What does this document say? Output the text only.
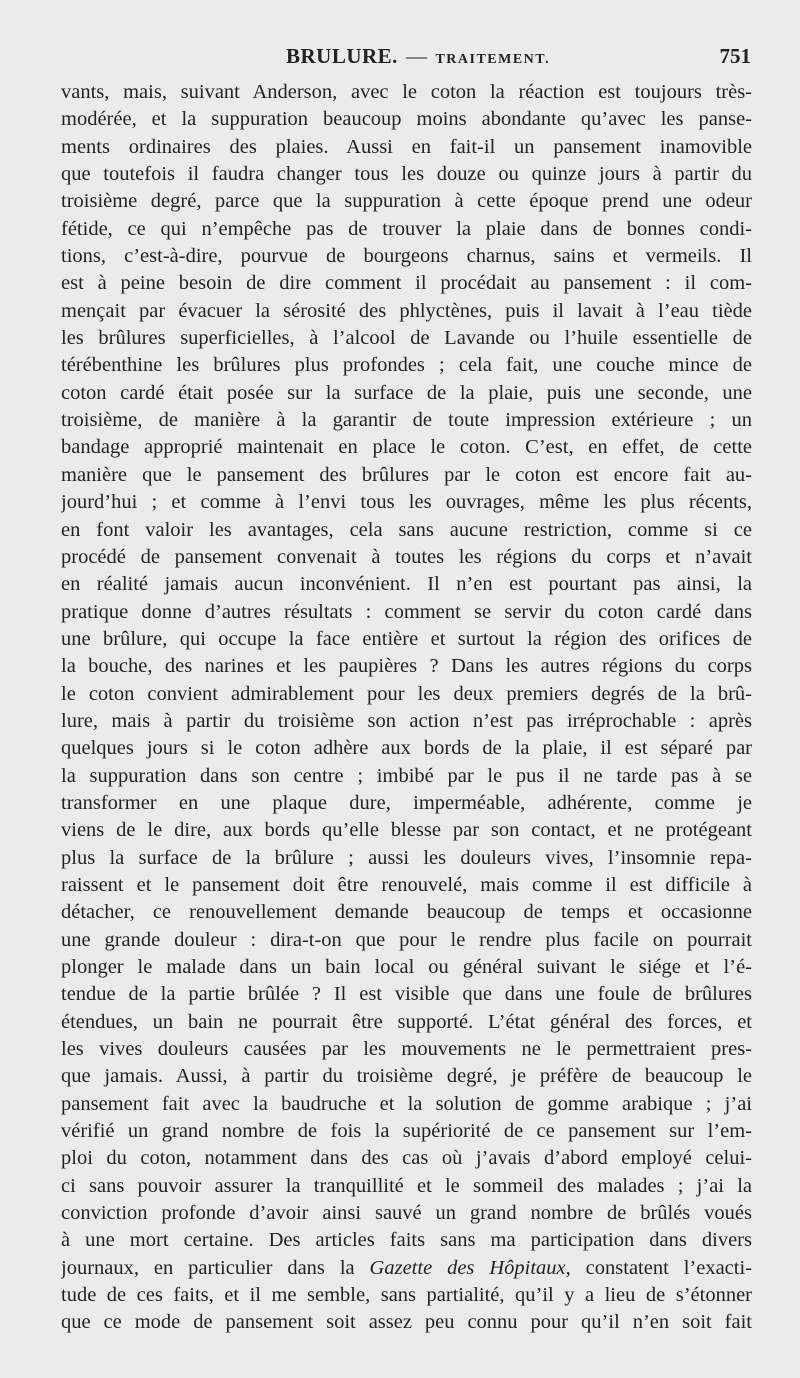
BRULURE. — TRAITEMENT.	751
vants, mais, suivant Anderson, avec le coton la réaction est toujours très-
modérée, et la suppuration beaucoup moins abondante qu’avec les panse-
ments ordinaires des plaies. Aussi en fait-il un pansement inamovible
que toutefois il faudra changer tous les douze ou quinze jours à partir du
troisième degré, parce que la suppuration à cette époque prend une odeur
fétide, ce qui n’empêche pas de trouver la plaie dans de bonnes condi-
tions, c’est-à-dire, pourvue de bourgeons charnus, sains et vermeils. Il
est à peine besoin de dire comment il procédait au pansement : il com-
mençait par évacuer la sérosité des phlyctènes, puis il lavait à l’eau tiède
les brûlures superficielles, à l’alcool de Lavande ou l’huile essentielle de
térébenthine les brûlures plus profondes ; cela fait, une couche mince de
coton cardé était posée sur la surface de la plaie, puis une seconde, une
troisième, de manière à la garantir de toute impression extérieure ; un
bandage approprié maintenait en place le coton. C’est, en effet, de cette
manière que le pansement des brûlures par le coton est encore fait au-
jourd’hui ; et comme à l’envi tous les ouvrages, même les plus récents,
en font valoir les avantages, cela sans aucune restriction, comme si ce
procédé de pansement convenait à toutes les régions du corps et n’avait
en réalité jamais aucun inconvénient. Il n’en est pourtant pas ainsi, la
pratique donne d’autres résultats : comment se servir du coton cardé dans
une brûlure, qui occupe la face entière et surtout la région des orifices de
la bouche, des narines et les paupières ? Dans les autres régions du corps
le coton convient admirablement pour les deux premiers degrés de la brû-
lure, mais à partir du troisième son action n’est pas irréprochable : après
quelques jours si le coton adhère aux bords de la plaie, il est séparé par
la suppuration dans son centre ; imbibé par le pus il ne tarde pas à se
transformer en une plaque dure, imperméable, adhérente, comme je
viens de le dire, aux bords qu’elle blesse par son contact, et ne protégeant
plus la surface de la brûlure ; aussi les douleurs vives, l’insomnie repa-
raissent et le pansement doit être renouvelé, mais comme il est difficile à
détacher, ce renouvellement demande beaucoup de temps et occasionne
une grande douleur : dira-t-on que pour le rendre plus facile on pourrait
plonger le malade dans un bain local ou général suivant le siége et l’é-
tendue de la partie brûlée ? Il est visible que dans une foule de brûlures
étendues, un bain ne pourrait être supporté. L’état général des forces, et
les vives douleurs causées par les mouvements ne le permettraient pres-
que jamais. Aussi, à partir du troisième degré, je préfère de beaucoup le
pansement fait avec la baudruche et la solution de gomme arabique ; j’ai
vérifié un grand nombre de fois la supériorité de ce pansement sur l’em-
ploi du coton, notamment dans des cas où j’avais d’abord employé celui-
ci sans pouvoir assurer la tranquillité et le sommeil des malades ; j’ai la
conviction profonde d’avoir ainsi sauvé un grand nombre de brûlés voués
à une mort certaine. Des articles faits sans ma participation dans divers
journaux, en particulier dans la Gazette des Hôpitaux, constatent l’exacti-
tude de ces faits, et il me semble, sans partialité, qu’il y a lieu de s’étonner
que ce mode de pansement soit assez peu connu pour qu’il n’en soit fait
